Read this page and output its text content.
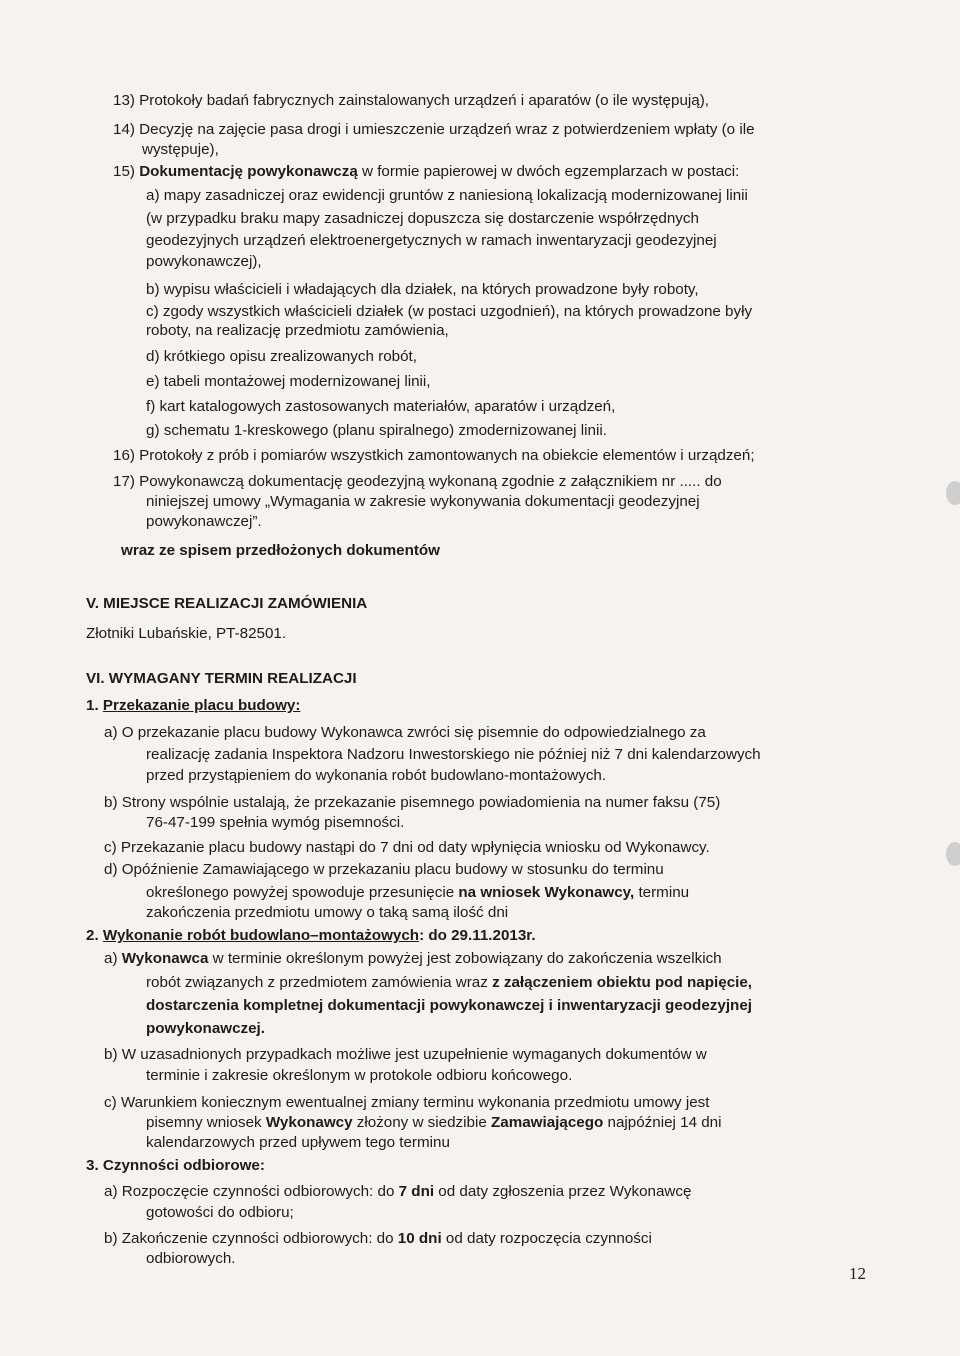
13) Protokoły badań fabrycznych zainstalowanych urządzeń i aparatów (o ile występują),
14) Decyzję na zajęcie pasa drogi i umieszczenie urządzeń wraz z potwierdzeniem wpłaty (o ile
występuje),
15) Dokumentację powykonawczą w formie papierowej w dwóch egzemplarzach w postaci:
a) mapy zasadniczej oraz ewidencji gruntów z naniesioną lokalizacją modernizowanej linii
(w przypadku braku mapy zasadniczej dopuszcza się dostarczenie współrzędnych
geodezyjnych urządzeń elektroenergetycznych w ramach inwentaryzacji geodezyjnej
powykonawczej),
b) wypisu właścicieli i władających dla działek, na których prowadzone były roboty,
c) zgody wszystkich właścicieli działek (w postaci uzgodnień), na których prowadzone były
roboty, na realizację przedmiotu zamówienia,
d) krótkiego opisu zrealizowanych robót,
e) tabeli montażowej modernizowanej linii,
f) kart katalogowych zastosowanych materiałów, aparatów i urządzeń,
g) schematu 1-kreskowego (planu spiralnego) zmodernizowanej linii.
16) Protokoły z prób i pomiarów wszystkich zamontowanych na obiekcie elementów i urządzeń;
17) Powykonawczą dokumentację geodezyjną wykonaną zgodnie z załącznikiem nr ..... do
niniejszej umowy „Wymagania w zakresie wykonywania dokumentacji geodezyjnej
powykonawczej”.
wraz ze spisem przedłożonych dokumentów
V. MIEJSCE REALIZACJI ZAMÓWIENIA
Złotniki Lubańskie, PT-82501.
VI. WYMAGANY TERMIN REALIZACJI
1. Przekazanie placu budowy:
a) O przekazanie placu budowy Wykonawca zwróci się pisemnie do odpowiedzialnego za
realizację zadania Inspektora Nadzoru Inwestorskiego nie później niż 7 dni kalendarzowych
przed przystąpieniem do wykonania robót budowlano-montażowych.
b) Strony wspólnie ustalają, że przekazanie pisemnego powiadomienia na numer faksu (75)
76-47-199 spełnia wymóg pisemności.
c) Przekazanie placu budowy nastąpi do 7 dni od daty wpłynięcia wniosku od Wykonawcy.
d) Opóźnienie Zamawiającego w przekazaniu placu budowy w stosunku do terminu
określonego powyżej spowoduje przesunięcie na wniosek Wykonawcy, terminu
zakończenia przedmiotu umowy o taką samą ilość dni
2. Wykonanie robót budowlano–montażowych: do 29.11.2013r.
a) Wykonawca w terminie określonym powyżej jest zobowiązany do zakończenia wszelkich
robót związanych z przedmiotem zamówienia wraz z załączeniem obiektu pod napięcie,
dostarczenia kompletnej dokumentacji powykonawczej i inwentaryzacji geodezyjnej
powykonawczej.
b) W uzasadnionych przypadkach możliwe jest uzupełnienie wymaganych dokumentów w
terminie i zakresie określonym w protokole odbioru końcowego.
c) Warunkiem koniecznym ewentualnej zmiany terminu wykonania przedmiotu umowy jest
pisemny wniosek Wykonawcy złożony w siedzibie Zamawiającego najpóźniej 14 dni
kalendarzowych przed upływem tego terminu
3. Czynności odbiorowe:
a) Rozpoczęcie czynności odbiorowych: do 7 dni od daty zgłoszenia przez Wykonawcę
gotowości do odbioru;
b) Zakończenie czynności odbiorowych: do 10 dni od daty rozpoczęcia czynności
odbiorowych.
12
